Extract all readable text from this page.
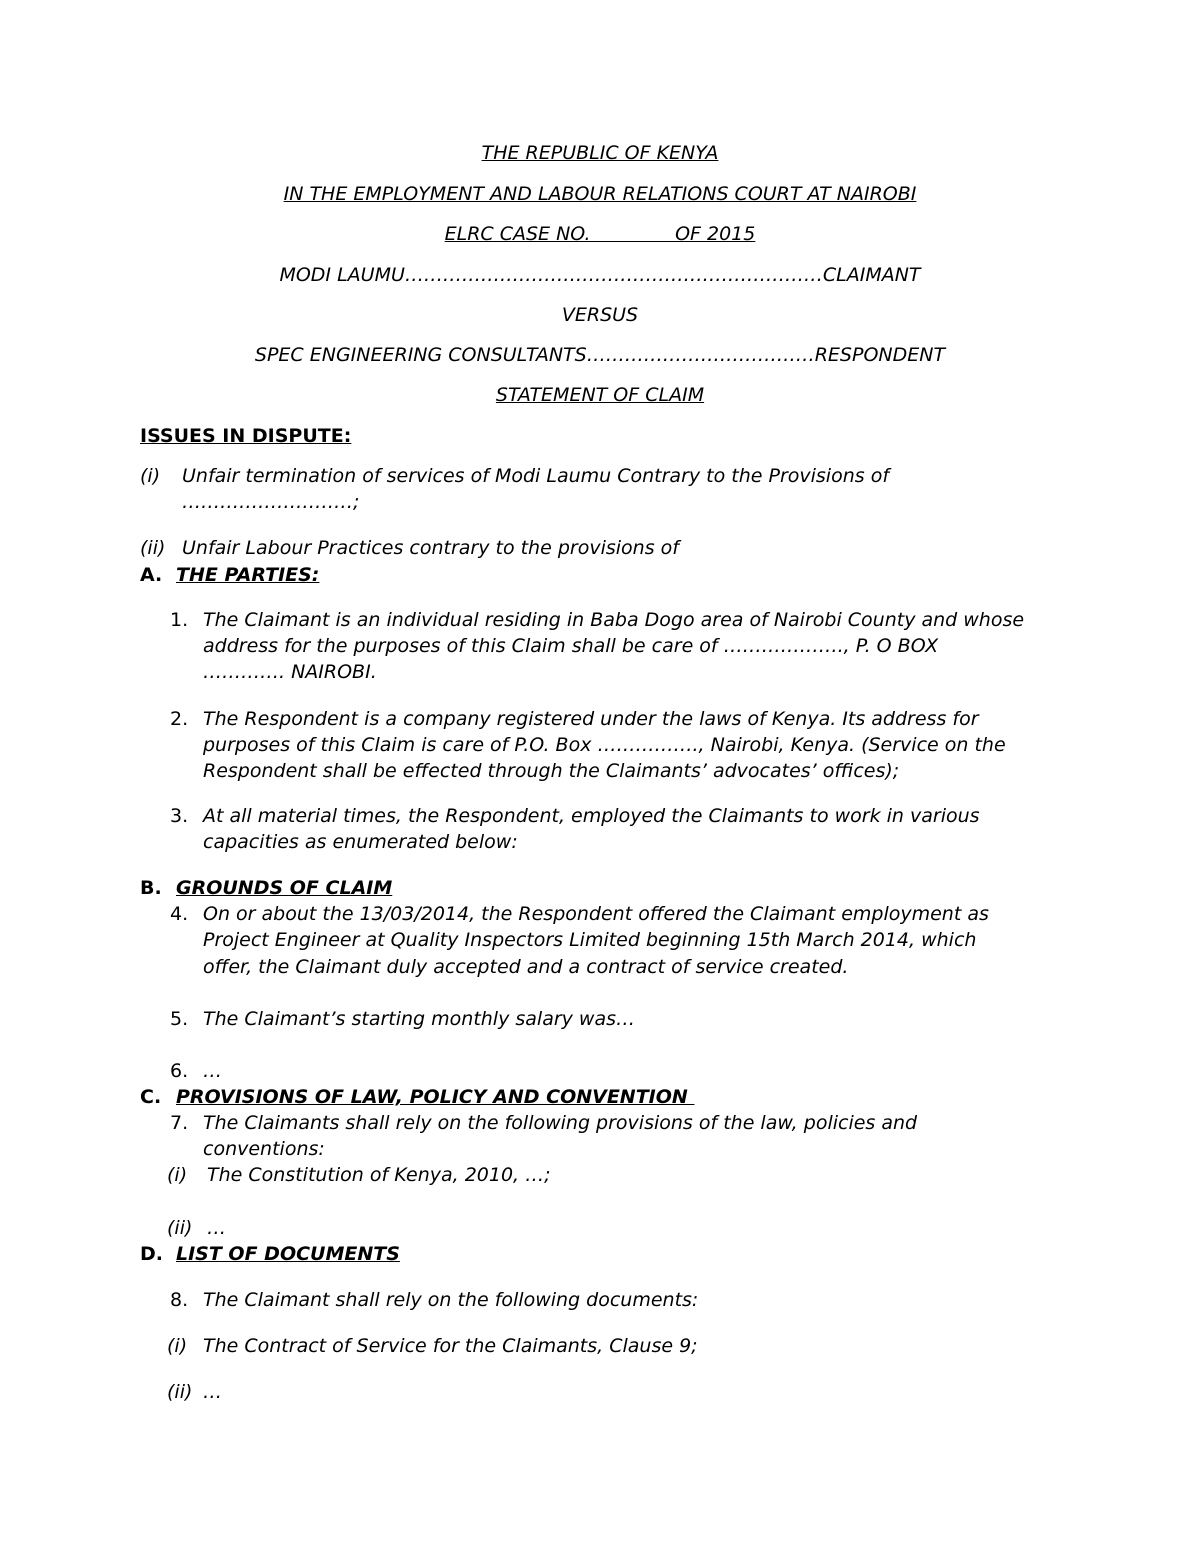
THE REPUBLIC OF KENYA
IN THE EMPLOYMENT AND LABOUR RELATIONS COURT AT NAIROBI
ELRC CASE NO.              OF 2015
MODI LAUMU…………………………………………………………CLAIMANT
VERSUS
SPEC ENGINEERING CONSULTANTS………………………………RESPONDENT
STATEMENT OF CLAIM
ISSUES IN DISPUTE:
(i) Unfair termination of services of Modi Laumu Contrary to the Provisions of
………………………;
(ii) Unfair Labour Practices contrary to the provisions of
A. THE PARTIES:
1. The Claimant is an individual residing in Baba Dogo area of Nairobi County and whose
address for the purposes of this Claim shall be care of ………………., P. O BOX
…………. NAIROBI.
2. The Respondent is a company registered under the laws of Kenya. Its address for
purposes of this Claim is care of P.O. Box ……………., Nairobi, Kenya. (Service on the
Respondent shall be effected through the Claimants’ advocates’ offices);
3. At all material times, the Respondent, employed the Claimants to work in various
capacities as enumerated below:
B. GROUNDS OF CLAIM
4. On or about the 13/03/2014, the Respondent offered the Claimant employment as
Project Engineer at Quality Inspectors Limited beginning 15th March 2014, which
offer, the Claimant duly accepted and a contract of service created.
5. The Claimant’s starting monthly salary was…
6. …
C. PROVISIONS OF LAW, POLICY AND CONVENTION
7. The Claimants shall rely on the following provisions of the law, policies and
conventions:
(i) The Constitution of Kenya, 2010, …;
(ii) …
D. LIST OF DOCUMENTS
8. The Claimant shall rely on the following documents:
(i) The Contract of Service for the Claimants, Clause 9;
(ii) …
